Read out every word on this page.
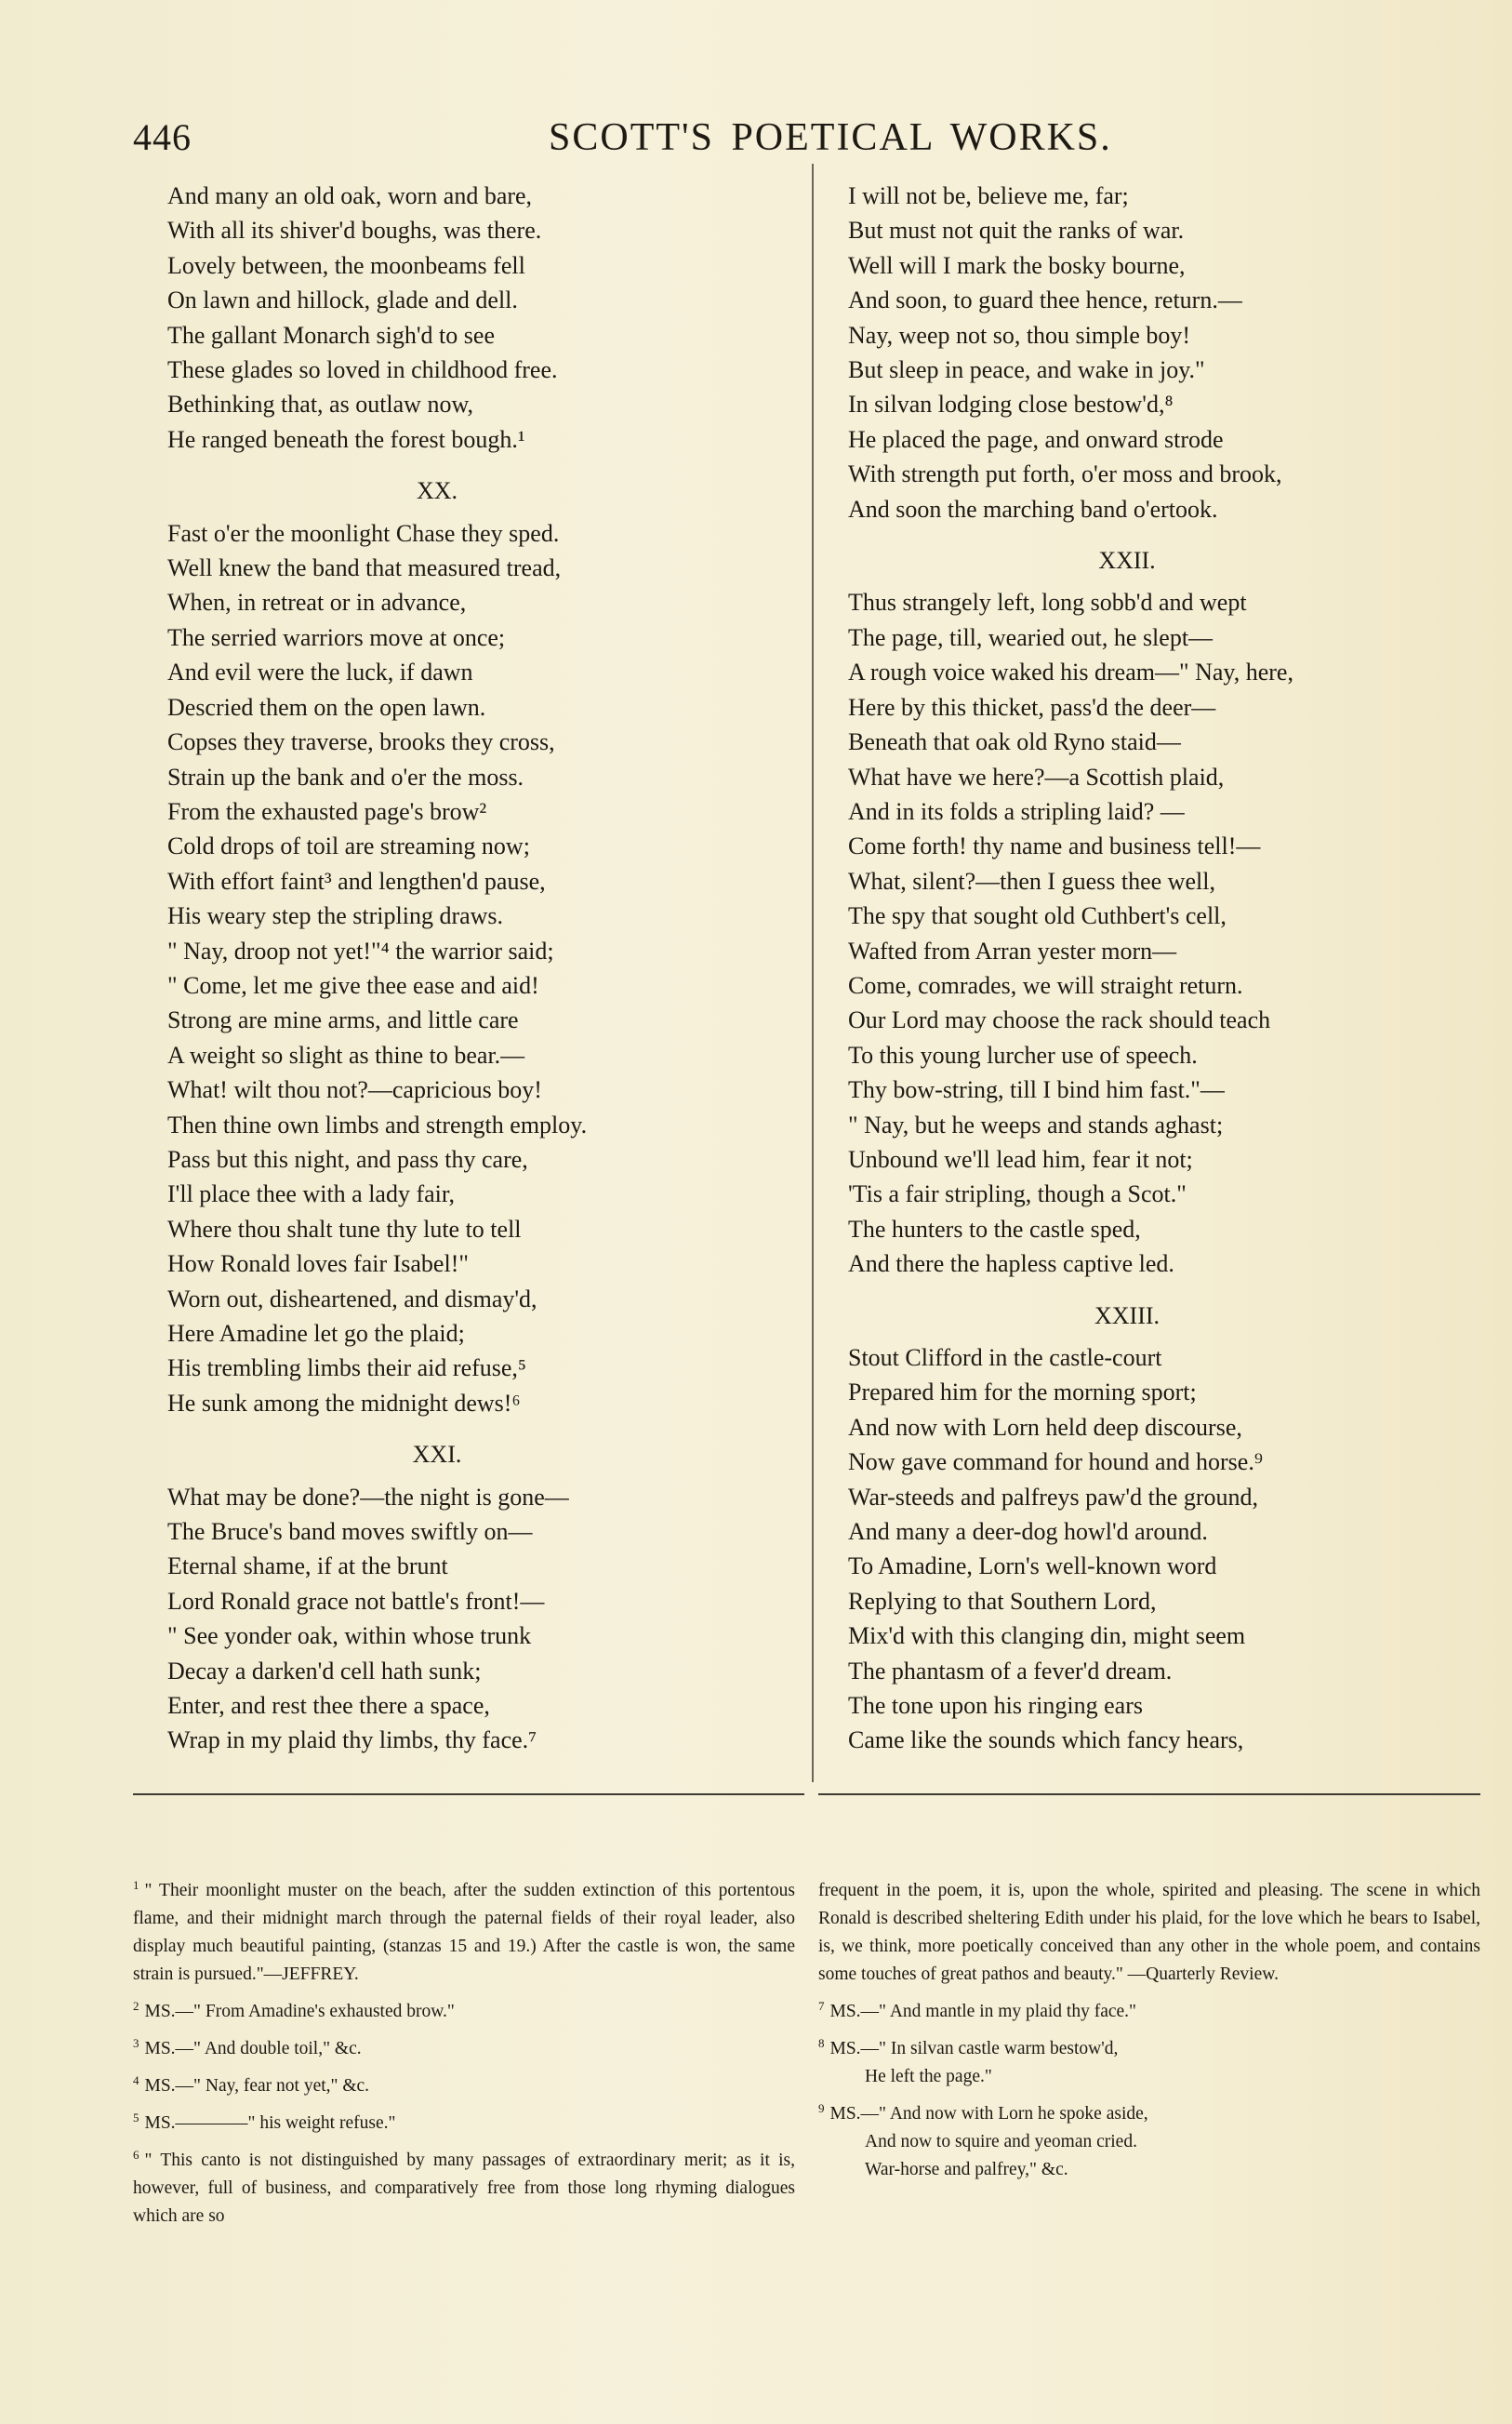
446	SCOTT'S POETICAL WORKS.
And many an old oak, worn and bare,
With all its shiver'd boughs, was there.
Lovely between, the moonbeams fell
On lawn and hillock, glade and dell.
The gallant Monarch sigh'd to see
These glades so loved in childhood free.
Bethinking that, as outlaw now,
He ranged beneath the forest bough.¹
XX.
Fast o'er the moonlight Chase they sped.
Well knew the band that measured tread,
When, in retreat or in advance,
The serried warriors move at once;
And evil were the luck, if dawn
Descried them on the open lawn.
Copses they traverse, brooks they cross,
Strain up the bank and o'er the moss.
From the exhausted page's brow²
Cold drops of toil are streaming now;
With effort faint³ and lengthen'd pause,
His weary step the stripling draws.
" Nay, droop not yet!"⁴ the warrior said;
" Come, let me give thee ease and aid!
Strong are mine arms, and little care
A weight so slight as thine to bear.—
What! wilt thou not?—capricious boy!
Then thine own limbs and strength employ.
Pass but this night, and pass thy care,
I'll place thee with a lady fair,
Where thou shalt tune thy lute to tell
How Ronald loves fair Isabel!"
Worn out, disheartened, and dismay'd,
Here Amadine let go the plaid;
His trembling limbs their aid refuse,⁵
He sunk among the midnight dews!⁶
XXI.
What may be done?—the night is gone—
The Bruce's band moves swiftly on—
Eternal shame, if at the brunt
Lord Ronald grace not battle's front!—
" See yonder oak, within whose trunk
Decay a darken'd cell hath sunk;
Enter, and rest thee there a space,
Wrap in my plaid thy limbs, thy face.⁷
I will not be, believe me, far;
But must not quit the ranks of war.
Well will I mark the bosky bourne,
And soon, to guard thee hence, return.—
Nay, weep not so, thou simple boy!
But sleep in peace, and wake in joy."
In silvan lodging close bestow'd,⁸
He placed the page, and onward strode
With strength put forth, o'er moss and brook,
And soon the marching band o'ertook.
XXII.
Thus strangely left, long sobb'd and wept
The page, till, wearied out, he slept—
A rough voice waked his dream—" Nay, here,
Here by this thicket, pass'd the deer—
Beneath that oak old Ryno staid—
What have we here?—a Scottish plaid,
And in its folds a stripling laid? —
Come forth! thy name and business tell!—
What, silent?—then I guess thee well,
The spy that sought old Cuthbert's cell,
Wafted from Arran yester morn—
Come, comrades, we will straight return.
Our Lord may choose the rack should teach
To this young lurcher use of speech.
Thy bow-string, till I bind him fast."—
" Nay, but he weeps and stands aghast;
Unbound we'll lead him, fear it not;
'Tis a fair stripling, though a Scot."
The hunters to the castle sped,
And there the hapless captive led.
XXIII.
Stout Clifford in the castle-court
Prepared him for the morning sport;
And now with Lorn held deep discourse,
Now gave command for hound and horse.⁹
War-steeds and palfreys paw'd the ground,
And many a deer-dog howl'd around.
To Amadine, Lorn's well-known word
Replying to that Southern Lord,
Mix'd with this clanging din, might seem
The phantasm of a fever'd dream.
The tone upon his ringing ears
Came like the sounds which fancy hears,
$^1$ " Their moonlight muster on the beach, after the sudden extinction of this portentous flame, and their midnight march through the paternal fields of their royal leader, also display much beautiful painting, (stanzas 15 and 19.) After the castle is won, the same strain is pursued."—JEFFREY.
$^2$ MS.—" From Amadine's exhausted brow."
$^3$ MS.—" And double toil," &c.
$^4$ MS.—" Nay, fear not yet," &c.
$^5$ MS.————" his weight refuse."
$^6$ " This canto is not distinguished by many passages of extraordinary merit; as it is, however, full of business, and comparatively free from those long rhyming dialogues which are so
frequent in the poem, it is, upon the whole, spirited and pleasing. The scene in which Ronald is described sheltering Edith under his plaid, for the love which he bears to Isabel, is, we think, more poetically conceived than any other in the whole poem, and contains some touches of great pathos and beauty." —Quarterly Review.
$^7$ MS.—" And mantle in my plaid thy face."
$^8$ MS.—" In silvan castle warm bestow'd,
He left the page."
$^9$ MS.—" And now with Lorn he spoke aside,
And now to squire and yeoman cried.
War-horse and palfrey," &c.
